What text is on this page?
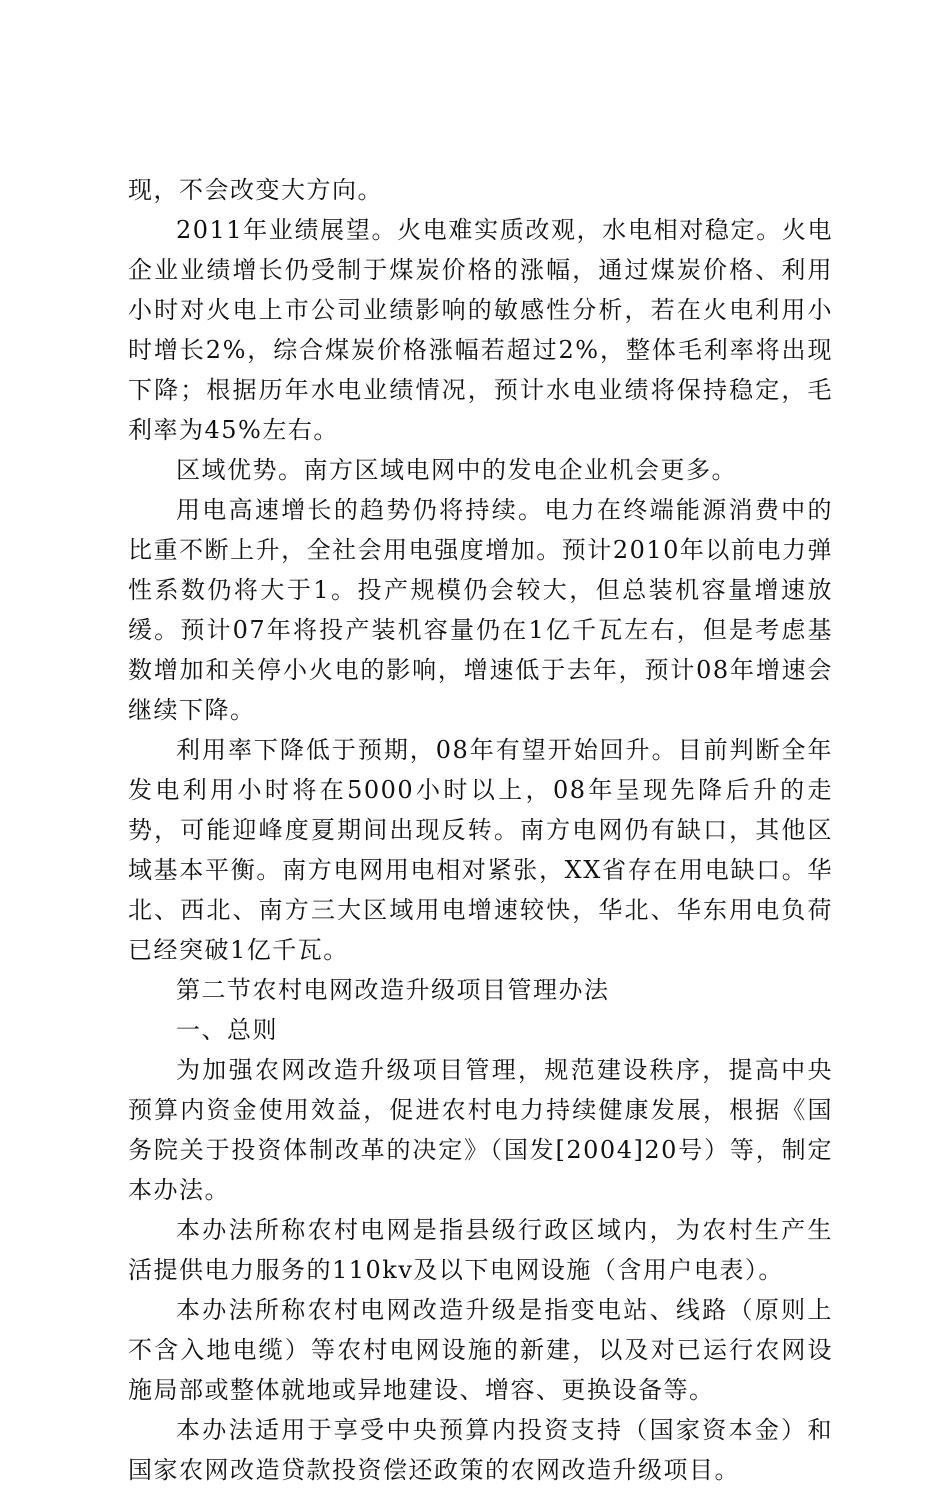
现，不会改变大方向。

2011年业绩展望。火电难实质改观，水电相对稳定。火电企业业绩增长仍受制于煤炭价格的涨幅，通过煤炭价格、利用小时对火电上市公司业绩影响的敏感性分析，若在火电利用小时增长2%，综合煤炭价格涨幅若超过2%，整体毛利率将出现下降；根据历年水电业绩情况，预计水电业绩将保持稳定，毛利率为45%左右。

区域优势。南方区域电网中的发电企业机会更多。

用电高速增长的趋势仍将持续。电力在终端能源消费中的比重不断上升，全社会用电强度增加。预计2010年以前电力弹性系数仍将大于1。投产规模仍会较大，但总装机容量增速放缓。预计07年将投产装机容量仍在1亿千瓦左右，但是考虑基数增加和关停小火电的影响，增速低于去年，预计08年增速会继续下降。

利用率下降低于预期，08年有望开始回升。目前判断全年发电利用小时将在5000小时以上，08年呈现先降后升的走势，可能迎峰度夏期间出现反转。南方电网仍有缺口，其他区域基本平衡。南方电网用电相对紧张，XX省存在用电缺口。华北、西北、南方三大区域用电增速较快，华北、华东用电负荷已经突破1亿千瓦。

第二节农村电网改造升级项目管理办法

一、总则

为加强农网改造升级项目管理，规范建设秩序，提高中央预算内资金使用效益，促进农村电力持续健康发展，根据《国务院关于投资体制改革的决定》（国发[2004]20号）等，制定本办法。

本办法所称农村电网是指县级行政区域内，为农村生产生活提供电力服务的110kv及以下电网设施（含用户电表）。

本办法所称农村电网改造升级是指变电站、线路（原则上不含入地电缆）等农村电网设施的新建，以及对已运行农网设施局部或整体就地或异地建设、增容、更换设备等。

本办法适用于享受中央预算内投资支持（国家资本金）和国家农网改造贷款投资偿还政策的农网改造升级项目。
